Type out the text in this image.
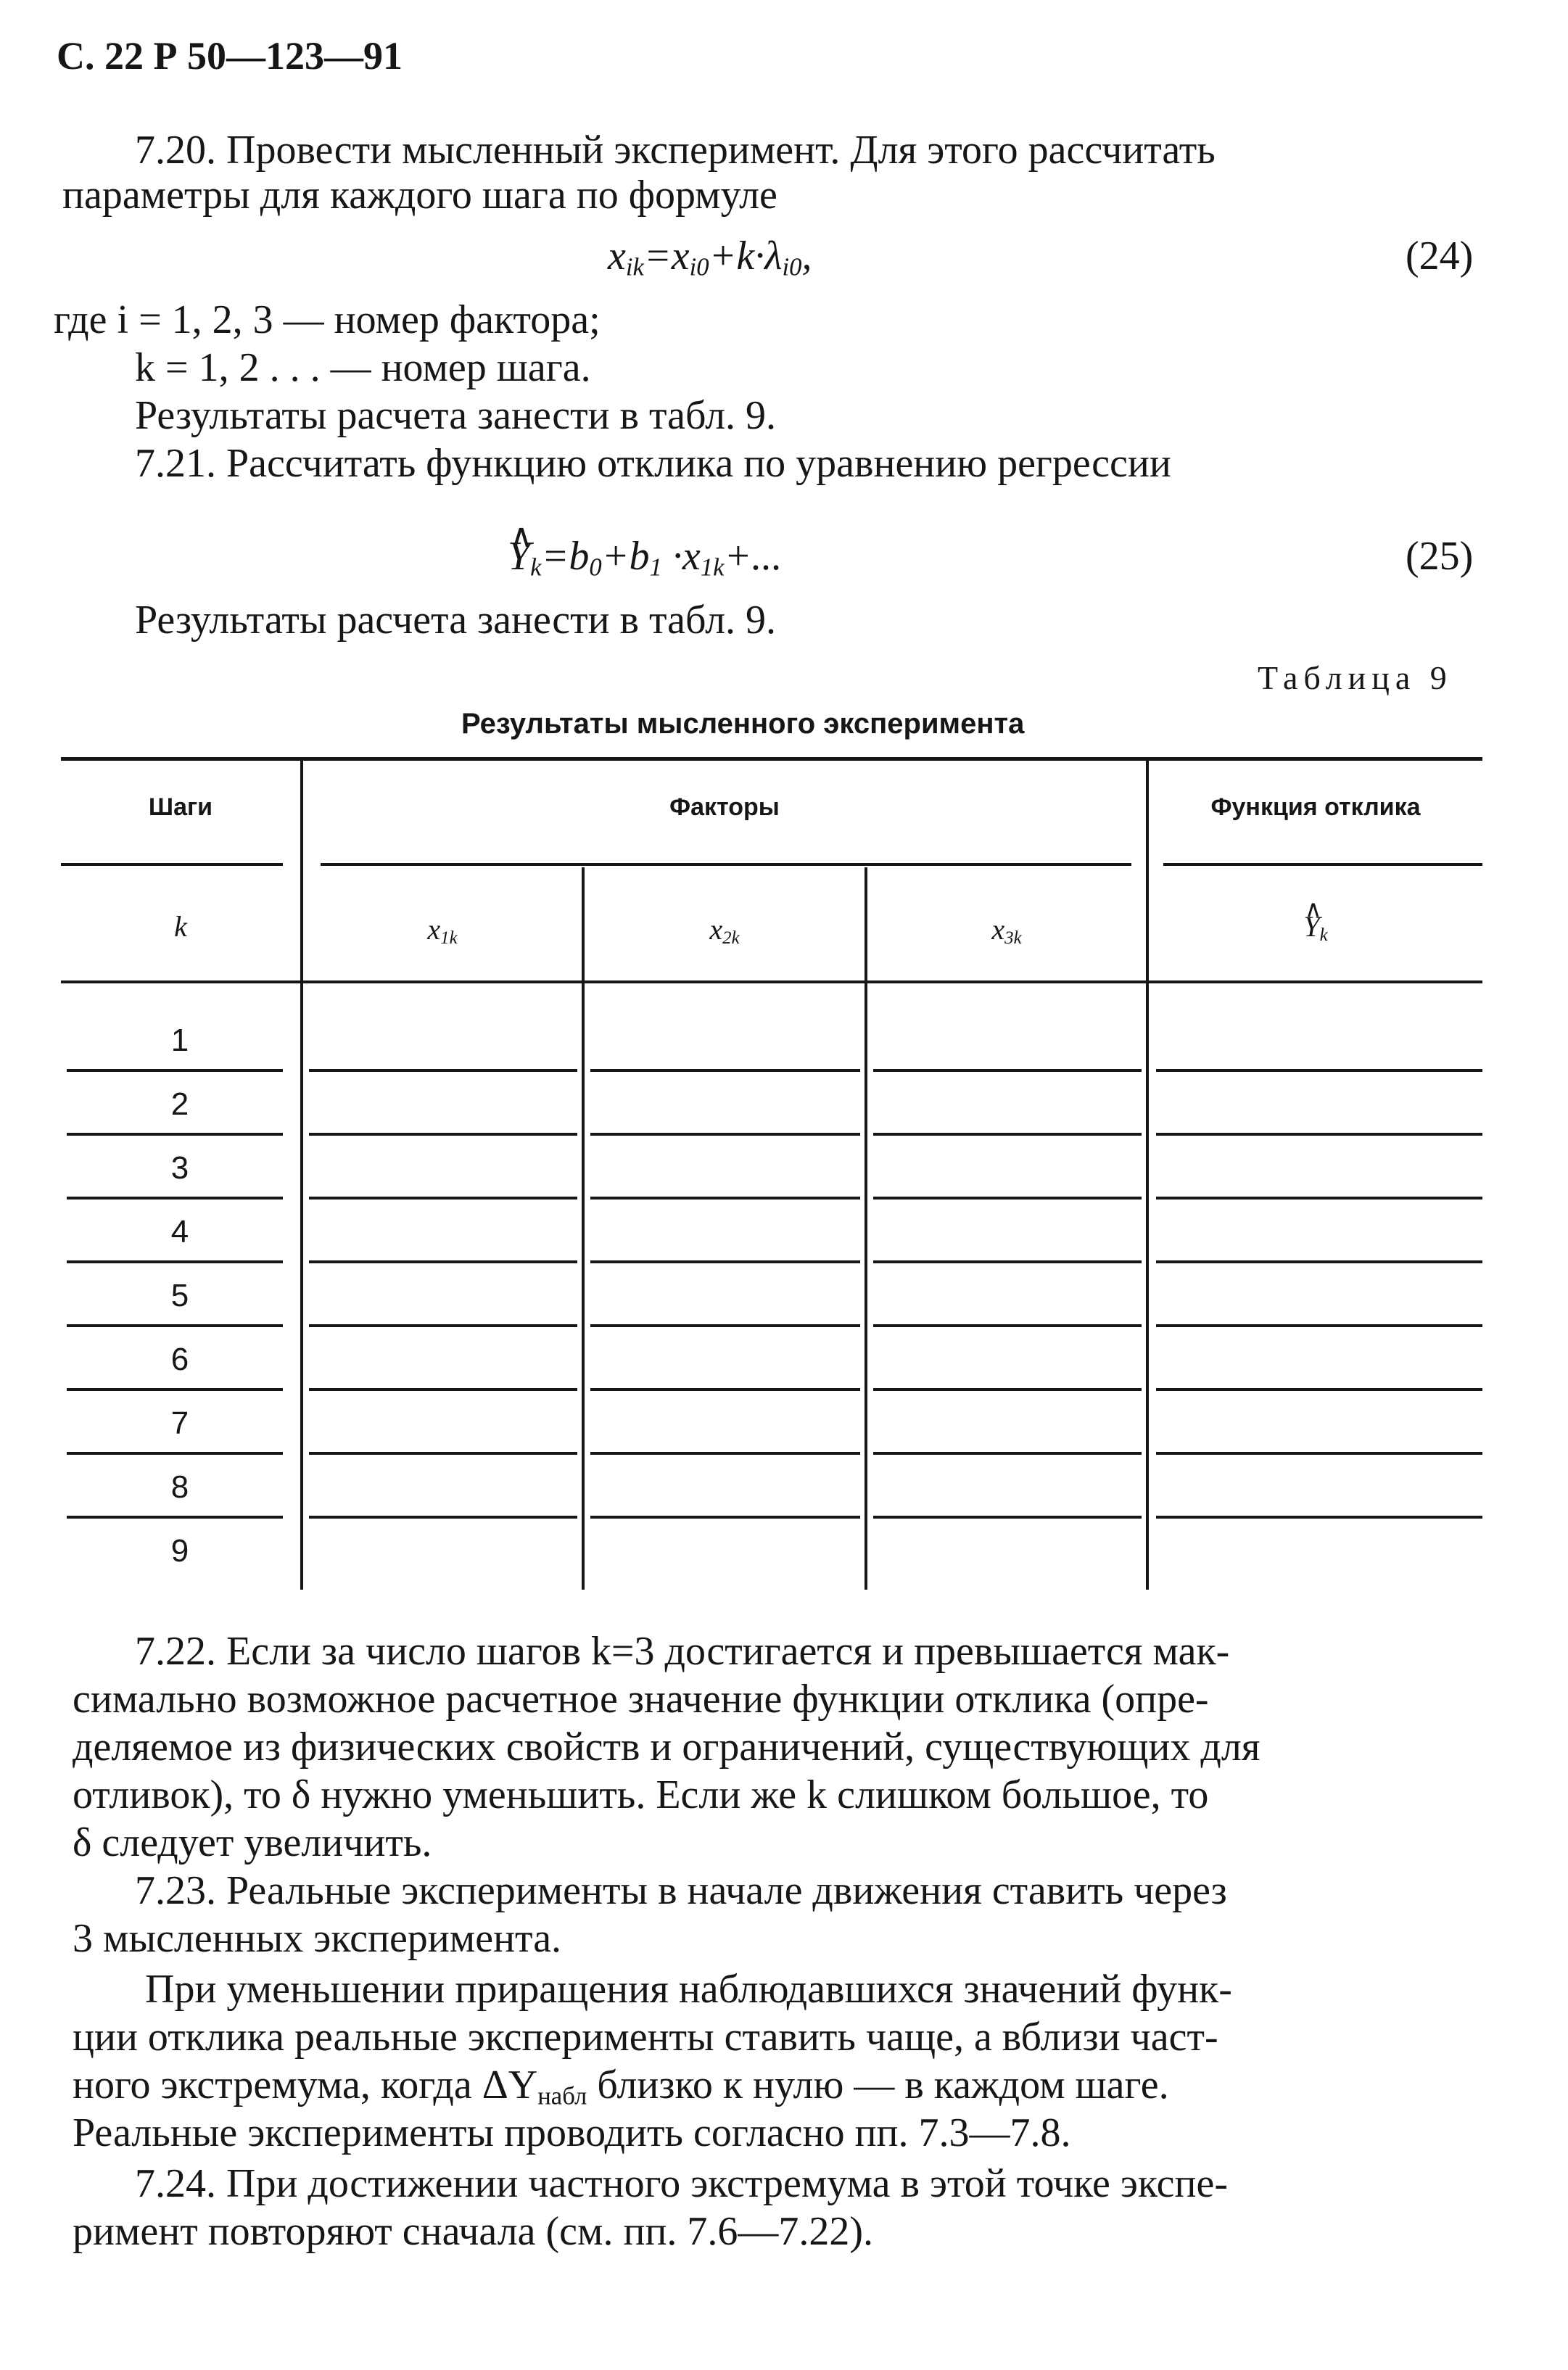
С. 22 Р 50—123—91
7.20. Провести мысленный эксперимент. Для этого рассчитать
параметры для каждого шага по формуле
$x_{ik}=x_{i0}+k\cdot\lambda_{i0}$,	(24)
где i = 1, 2, 3 — номер фактора;
k = 1, 2 . . . — номер шага.
Результаты расчета занести в табл. 9.
7.21. Рассчитать функцию отклика по уравнению регрессии
∧ $Y_k=b_0+b_1 \cdot x_{1k}+$...	(25)
Результаты расчета занести в табл. 9.
Таблица 9
Результаты мысленного эксперимента
Шаги	Факторы	Функция отклика
k	$x_{1k}$	$x_{2k}$	$x_{3k}$
∧	$Y_k$
1
2
3
4
5
6
7
8
9
7.22. Если за число шагов k=3 достигается и превышается мак-
симально возможное расчетное значение функции отклика (опре-
деляемое из физических свойств и ограничений, существующих для
отливок), то δ нужно уменьшить. Если же k слишком большое, то
δ следует увеличить.
7.23. Реальные эксперименты в начале движения ставить через
3 мысленных эксперимента.
При уменьшении приращения наблюдавшихся значений функ-
ции отклика реальные эксперименты ставить чаще, а вблизи част-
ного экстремума, когда $\Delta Y_{набл}$ близко к нулю — в каждом шаге.
Реальные эксперименты проводить согласно пп. 7.3—7.8.
7.24. При достижении частного экстремума в этой точке экспе-
римент повторяют сначала (см. пп. 7.6—7.22).
